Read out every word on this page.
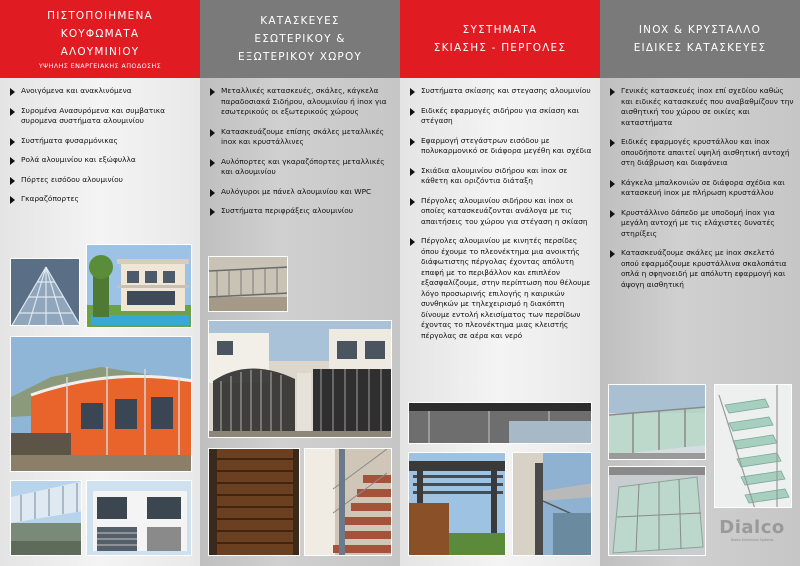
ΠΙΣΤΟΠΟΙΗΜΕΝΑ
ΚΟΥΦΩΜΑΤΑ
ΑΛΟΥΜΙΝΙΟΥ
ΥΨΗΛΗΣ ΕΝΑΡΓΕΙΑΚΗΣ ΑΠΟΔΟΣΗΣ
Ανοιγόμενα και ανακλινόμενα
Συρομένα Ανασυρόμενα και συμβατικα συρομενα συστήματα αλουμινίου
Συστήματα φυσαρμόνικας
Ρολά αλουμινίου και εξώφυλλα
Πόρτες εισόδου αλουμινίου
Γκαραζόπορτες
ΚΑΤΑΣΚΕΥΕΣ
ΕΣΩΤΕΡΙΚΟΥ &
ΕΞΩΤΕΡΙΚΟΥ ΧΩΡΟΥ
Μεταλλικές κατασκευές, σκάλες, κάγκελα παραδοσιακά Σιδήρου, αλουμινίου ή inox για εσωτερικούς οι εξωτερικούς χώρους
Κατασκευάζουμε επίσης σκάλες μεταλλικές inox και κρυστάλλινες
Αυλόπορτες και γκαραζόπορτες μεταλλικές και αλουμινίου
Αυλόγυροι με πάνελ αλουμινίου και WPC
Συστήματα περιφράξεις αλουμινίου
ΣΥΣΤΗΜΑΤΑ
ΣΚΙΑΣΗΣ - ΠΕΡΓΟΛΕΣ
Συστήματα σκίασης και στεγασης αλουμινίου
Ειδικές εφαρμογές σιδήρου για σκίαση και στέγαση
Εφαρμογή στεγάστρων εισόδου με πολυκαρμονικό σε διάφορα μεγέθη και σχέδια
Σκιάδια αλουμινίου σιδήρου και inox σε κάθετη και οριζόντια διάταξη
Πέργολες αλουμινίου σιδήρου και inox οι οποίες κατασκευάζονται ανάλογα με τις απαιτήσεις του χώρου για στέγαση η σκίαση
Πέργολες αλουμινίου με κινητές περσίδες όπου έχουμε το πλεονέκτημα μια ανοικτής διάφωτιστης πέργολας έχοντας απόλυτη επαφή με το περιβάλλον και επιπλέον εξασφαλίζουμε, στην περίπτωση που θέλουμε λόγο προσωρινής επιλογής η καιρικών συνθηκών με τηλεχειρισμό η διακόπτη δίνουμε εντολή κλεισίματος των περσίδων έχοντας το πλεονέκτημα μιας κλειστής πέργολας σε αέρα και νερό
INOX & ΚΡΥΣΤΑΛΛΟ
ΕΙΔΙΚΕΣ ΚΑΤΑΣΚΕΥΕΣ
Γενικές κατασκευές inox επί σχεδίου καθώς και ειδικές κατασκευές που αναβαθμίζουν την αισθητική του χώρου σε οικίες και καταστήματα
Ειδικές εφαρμογές κρυστάλλου και inox οπουδήποτε απαιτεί υψηλή αισθητική αντοχή στη διάβρωση και διαφάνεια
Κάγκελα μπαλκονιών σε διάφορα σχέδια και κατασκευή inox με πλήρωση κρυστάλλου
Κρυστάλλινο δάπεδο με υποδομή inox για μεγάλη αντοχή με τις ελάχιστες δυνατές στηρίξεις
Κατασκευάζουμε σκάλες με inox σκελετό οπού εφαρμόζουμε κρυστάλλινα σκαλοπάτια οπλά η σφηνοειδή με απόλυτη εφαρμογή και άψογη αισθητική
Dialco
Dialco Aluminium Systems
